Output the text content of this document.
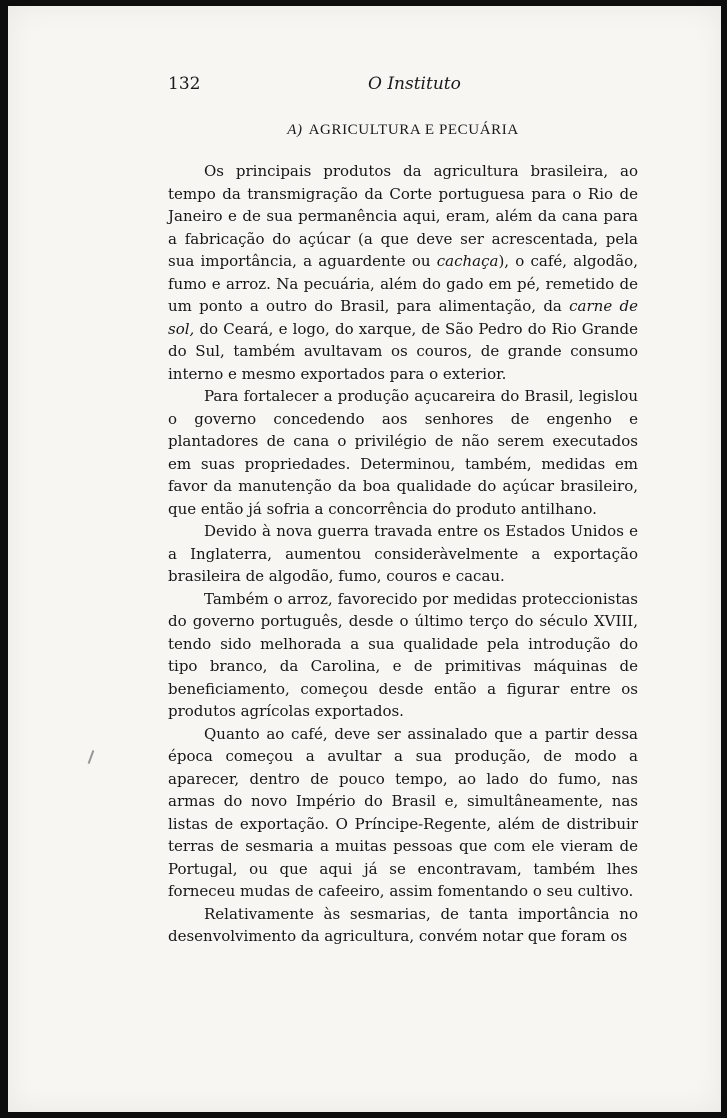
132	O Instituto
A) AGRICULTURA E PECUÁRIA

Os principais produtos da agricultura brasileira, ao tempo da transmigração da Corte portuguesa para o Rio de Janeiro e de sua permanência aqui, eram, além da cana para a fabricação do açúcar (a que deve ser acrescentada, pela sua importância, a aguardente ou cachaça), o café, algodão, fumo e arroz. Na pecuária, além do gado em pé, remetido de um ponto a outro do Brasil, para alimentação, da carne de sol, do Ceará, e logo, do xarque, de São Pedro do Rio Grande do Sul, também avultavam os couros, de grande consumo interno e mesmo exportados para o exterior.

Para fortalecer a produção açucareira do Brasil, legislou o governo concedendo aos senhores de engenho e plantadores de cana o privilégio de não serem executados em suas propriedades. Determinou, também, medidas em favor da manutenção da boa qualidade do açúcar brasileiro, que então já sofria a concorrência do produto antilhano.

Devido à nova guerra travada entre os Estados Unidos e a Inglaterra, aumentou consideràvelmente a exportação brasileira de algodão, fumo, couros e cacau.

Também o arroz, favorecido por medidas proteccionistas do governo português, desde o último terço do século XVIII, tendo sido melhorada a sua qualidade pela introdução do tipo branco, da Carolina, e de primitivas máquinas de beneficiamento, começou desde então a figurar entre os produtos agrícolas exportados.

Quanto ao café, deve ser assinalado que a partir dessa época começou a avultar a sua produção, de modo a aparecer, dentro de pouco tempo, ao lado do fumo, nas armas do novo Império do Brasil e, simultâneamente, nas listas de exportação. O Príncipe-Regente, além de distribuir terras de sesmaria a muitas pessoas que com ele vieram de Portugal, ou que aqui já se encontravam, também lhes forneceu mudas de cafeeiro, assim fomentando o seu cultivo.

Relativamente às sesmarias, de tanta importância no desenvolvimento da agricultura, convém notar que foram os
